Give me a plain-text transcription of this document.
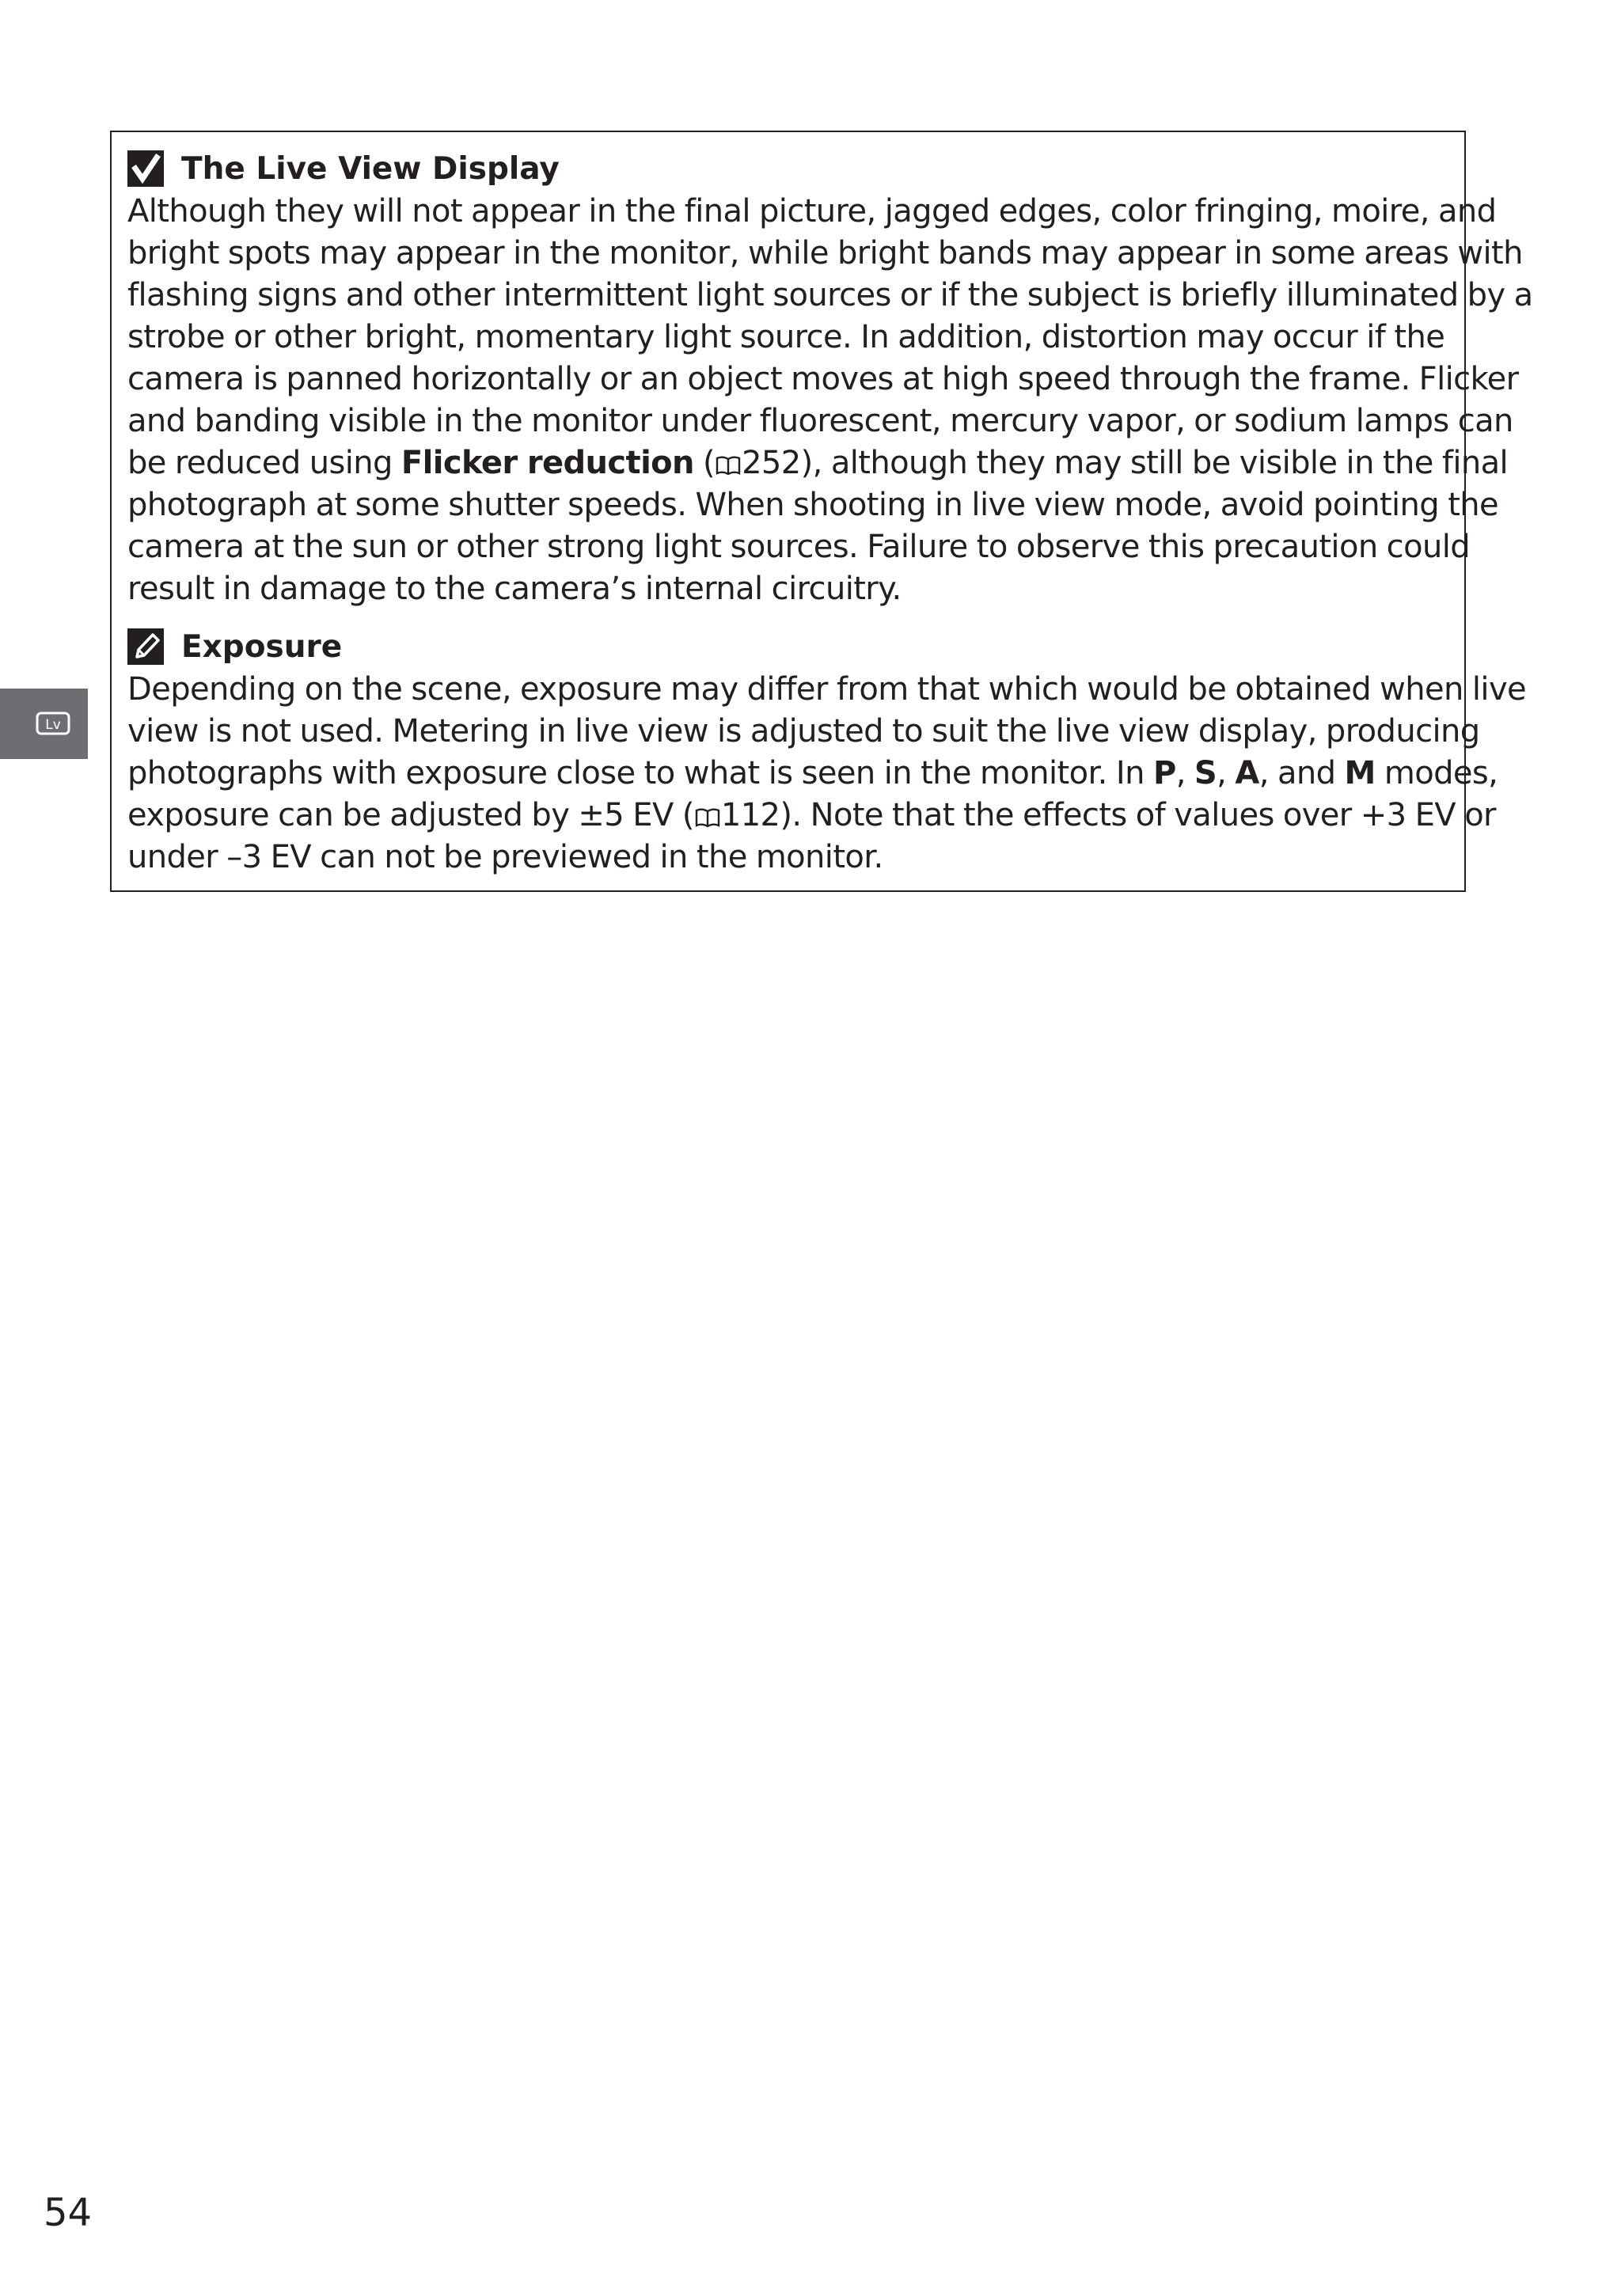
Lv
The Live View Display

Although they will not appear in the final picture, jagged edges, color fringing, moire, and
bright spots may appear in the monitor, while bright bands may appear in some areas with
flashing signs and other intermittent light sources or if the subject is briefly illuminated by a
strobe or other bright, momentary light source. In addition, distortion may occur if the
camera is panned horizontally or an object moves at high speed through the frame. Flicker
and banding visible in the monitor under fluorescent, mercury vapor, or sodium lamps can
be reduced using Flicker reduction ( 252), although they may still be visible in the final
photograph at some shutter speeds. When shooting in live view mode, avoid pointing the
camera at the sun or other strong light sources. Failure to observe this precaution could
result in damage to the camera’s internal circuitry.

Exposure

Depending on the scene, exposure may differ from that which would be obtained when live
view is not used. Metering in live view is adjusted to suit the live view display, producing
photographs with exposure close to what is seen in the monitor. In P, S, A, and M modes,
exposure can be adjusted by ±5 EV ( 112). Note that the effects of values over +3 EV or
under –3 EV can not be previewed in the monitor.

54
